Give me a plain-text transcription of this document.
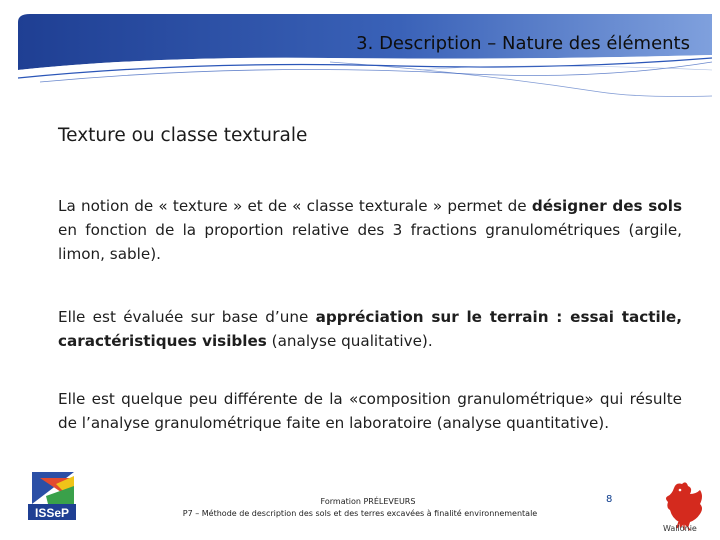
3. Description – Nature des éléments
Texture ou classe texturale
La notion de « texture » et de « classe texturale » permet de désigner des sols en fonction de la proportion relative des 3 fractions granulométriques (argile, limon, sable).
Elle est évaluée sur base d’une appréciation sur le terrain : essai tactile, caractéristiques visibles (analyse qualitative).
Elle est quelque peu différente de la «composition granulométrique» qui résulte de l’analyse granulométrique faite en laboratoire (analyse quantitative).
ISSeP
Formation PRÉLEVEURS
P7 – Méthode de description des sols et des terres excavées à finalité environnementale
8
Wallonie
